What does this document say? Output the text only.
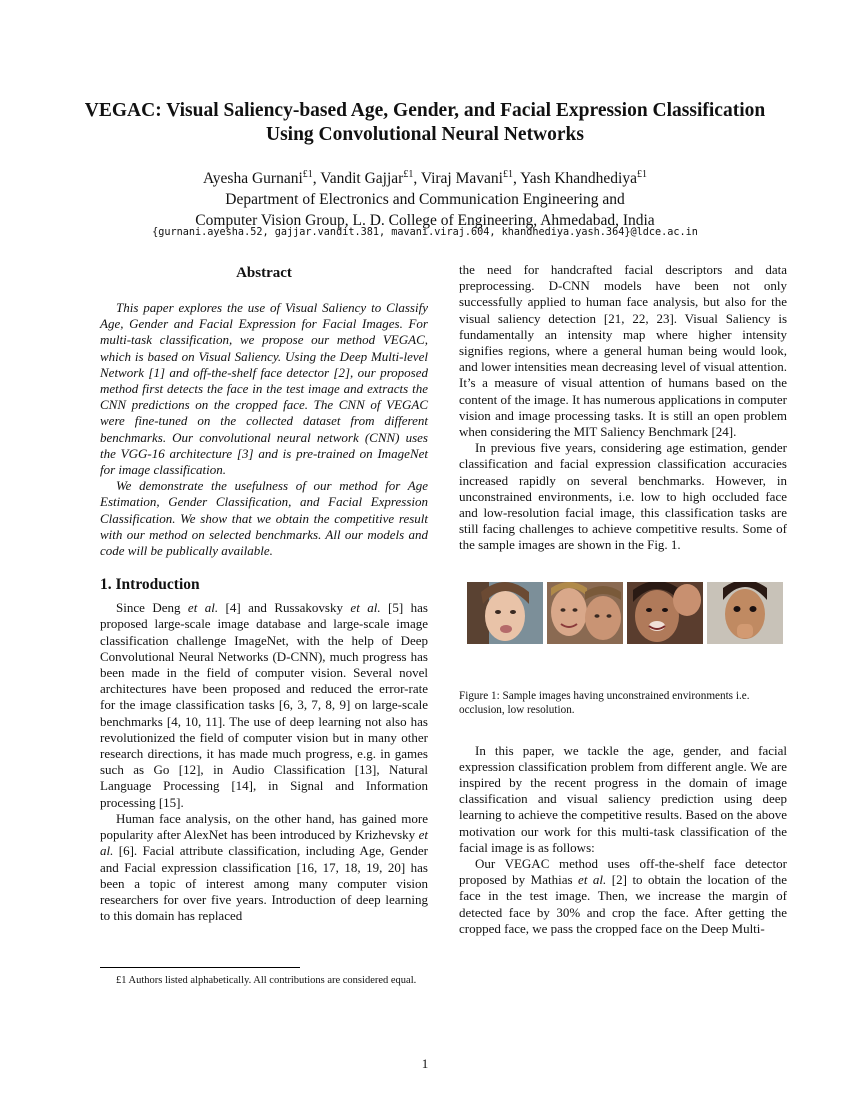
VEGAC: Visual Saliency-based Age, Gender, and Facial Expression Classification
Using Convolutional Neural Networks
Ayesha Gurnani$^{£1}$, Vandit Gajjar$^{£1}$, Viraj Mavani$^{£1}$, Yash Khandhediya$^{£1}$
Department of Electronics and Communication Engineering and
Computer Vision Group, L. D. College of Engineering, Ahmedabad, India
{gurnani.ayesha.52, gajjar.vandit.381, mavani.viraj.604, khandhediya.yash.364}@ldce.ac.in
Abstract

This paper explores the use of Visual Saliency to Classify Age, Gender and Facial Expression for Facial Images. For multi-task classification, we propose our method VEGAC, which is based on Visual Saliency. Using the Deep Multi-level Network [1] and off-the-shelf face detector [2], our proposed method first detects the face in the test image and extracts the CNN predictions on the cropped face. The CNN of VEGAC were fine-tuned on the collected dataset from different benchmarks. Our convolutional neural network (CNN) uses the VGG-16 architecture [3] and is pre-trained on ImageNet for image classification.

We demonstrate the usefulness of our method for Age Estimation, Gender Classification, and Facial Expression Classification. We show that we obtain the competitive result with our method on selected benchmarks. All our models and code will be publically available.

1. Introduction

Since Deng et al. [4] and Russakovsky et al. [5] has proposed large-scale image database and large-scale image classification challenge ImageNet, with the help of Deep Convolutional Neural Networks (D-CNN), much progress has been made in the field of computer vision. Several novel architectures have been proposed and reduced the error-rate for the image classification tasks [6, 3, 7, 8, 9] on large-scale benchmarks [4, 10, 11]. The use of deep learning not also has revolutionized the field of computer vision but in many other research directions, it has made much progress, e.g. in games such as Go [12], in Audio Classification [13], Natural Language Processing [14], in Signal and Information processing [15].

Human face analysis, on the other hand, has gained more popularity after AlexNet has been introduced by Krizhevsky et al. [6]. Facial attribute classification, including Age, Gender and Facial expression classification [16, 17, 18, 19, 20] has been a topic of interest among many computer vision researchers for over five years. Introduction of deep learning to this domain has replaced

the need for handcrafted facial descriptors and data preprocessing. D-CNN models have been not only successfully applied to human face analysis, but also for the visual saliency detection [21, 22, 23]. Visual Saliency is fundamentally an intensity map where higher intensity signifies regions, where a general human being would look, and lower intensities mean decreasing level of visual attention. It’s a measure of visual attention of humans based on the content of the image. It has numerous applications in computer vision and image processing tasks. It is still an open problem when considering the MIT Saliency Benchmark [24].

In previous five years, considering age estimation, gender classification and facial expression classification accuracies increased rapidly on several benchmarks. However, in unconstrained environments, i.e. low to high occluded face and low-resolution facial image, this classification tasks are still facing challenges to achieve competitive results. Some of the sample images are shown in the Fig. 1.

Figure 1: Sample images having unconstrained environments i.e. occlusion, low resolution.

In this paper, we tackle the age, gender, and facial expression classification problem from different angle. We are inspired by the recent progress in the domain of image classification and visual saliency prediction using deep learning to achieve the competitive results. Based on the above motivation our work for this multi-task classification of the facial image is as follows:

Our VEGAC method uses off-the-shelf face detector proposed by Mathias et al. [2] to obtain the location of the face in the test image. Then, we increase the margin of detected face by 30% and crop the face. After getting the cropped face, we pass the cropped face on the Deep Multi-

£1 Authors listed alphabetically. All contributions are considered equal.
1
